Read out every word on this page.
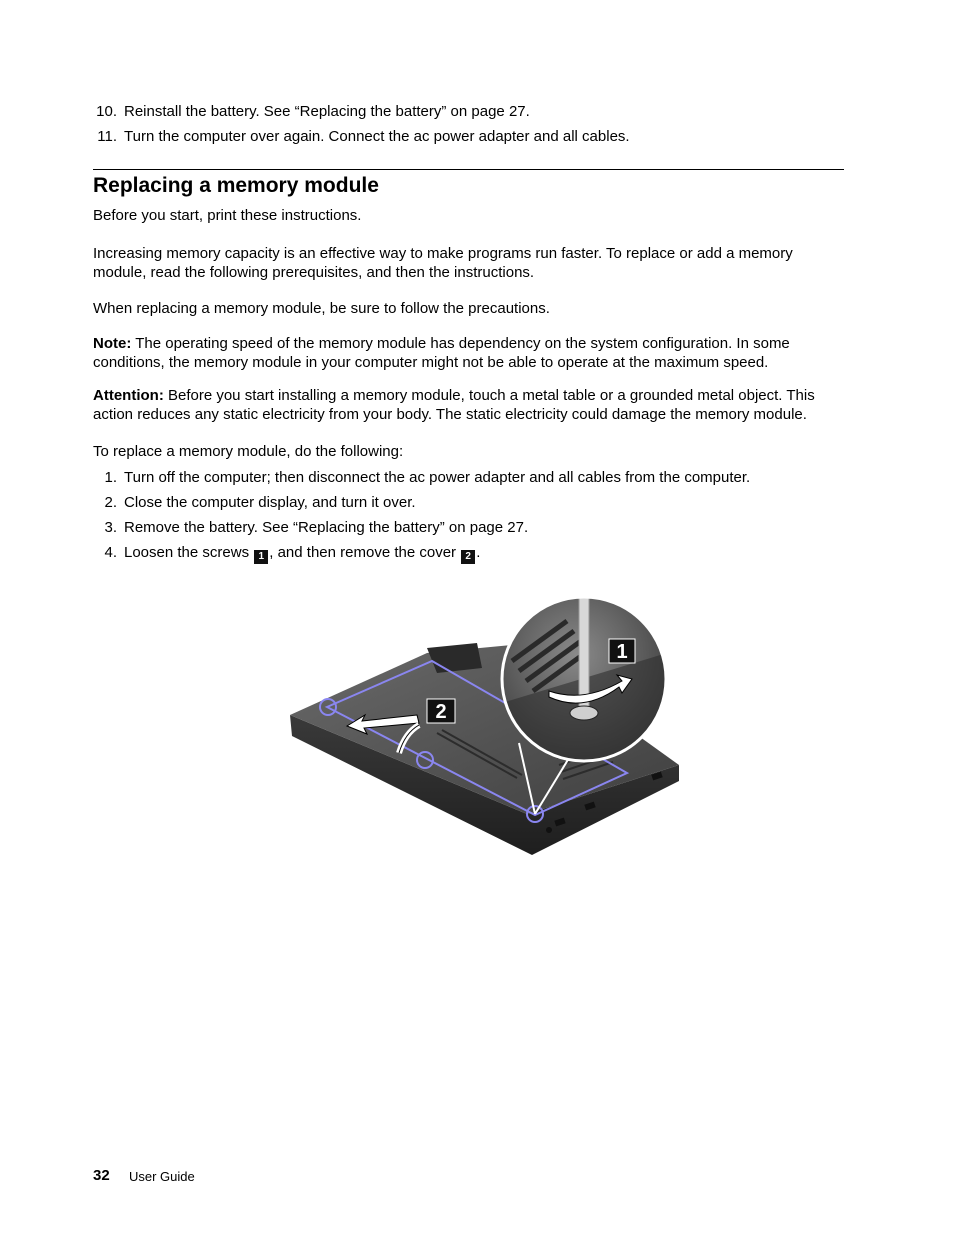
10. Reinstall the battery. See “Replacing the battery” on page 27.
11. Turn the computer over again. Connect the ac power adapter and all cables.
Replacing a memory module
Before you start, print these instructions.
Increasing memory capacity is an effective way to make programs run faster. To replace or add a memory
module, read the following prerequisites, and then the instructions.
When replacing a memory module, be sure to follow the precautions.
Note: The operating speed of the memory module has dependency on the system configuration. In some
conditions, the memory module in your computer might not be able to operate at the maximum speed.
Attention: Before you start installing a memory module, touch a metal table or a grounded metal object. This
action reduces any static electricity from your body. The static electricity could damage the memory module.
To replace a memory module, do the following:
1. Turn off the computer; then disconnect the ac power adapter and all cables from the computer.
2. Close the computer display, and turn it over.
3. Remove the battery. See “Replacing the battery” on page 27.
4. Loosen the screws 1 , and then remove the cover 2 .
2
1
32 User Guide
